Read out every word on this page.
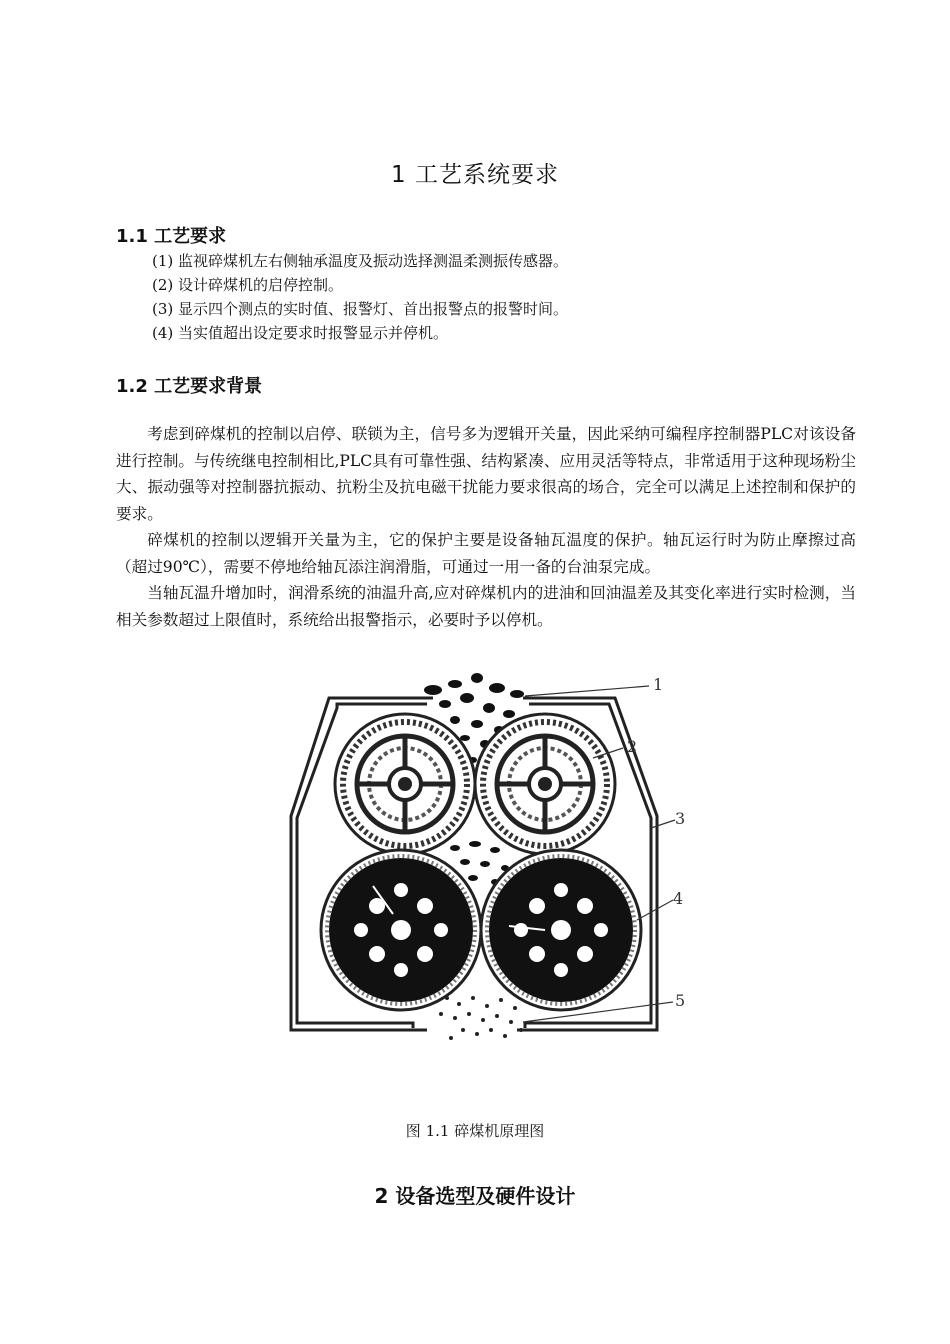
1 工艺系统要求
1.1 工艺要求
(1) 监视碎煤机左右侧轴承温度及振动选择测温柔测振传感器。
(2) 设计碎煤机的启停控制。
(3) 显示四个测点的实时值、报警灯、首出报警点的报警时间。
(4) 当实值超出设定要求时报警显示并停机。
1.2 工艺要求背景

考虑到碎煤机的控制以启停、联锁为主，信号多为逻辑开关量，因此采纳可编程序控制器PLC对该设备进行控制。与传统继电控制相比,PLC具有可靠性强、结构紧凑、应用灵活等特点，非常适用于这种现场粉尘大、振动强等对控制器抗振动、抗粉尘及抗电磁干扰能力要求很高的场合，完全可以满足上述控制和保护的要求。

碎煤机的控制以逻辑开关量为主，它的保护主要是设备轴瓦温度的保护。轴瓦运行时为防止摩擦过高（超过90℃），需要不停地给轴瓦添注润滑脂，可通过一用一备的台油泵完成。

当轴瓦温升增加时，润滑系统的油温升高,应对碎煤机内的进油和回油温差及其变化率进行实时检测，当相关参数超过上限值时，系统给出报警指示，必要时予以停机。

1
2
3
4
5
图 1.1 碎煤机原理图
2 设备选型及硬件设计
